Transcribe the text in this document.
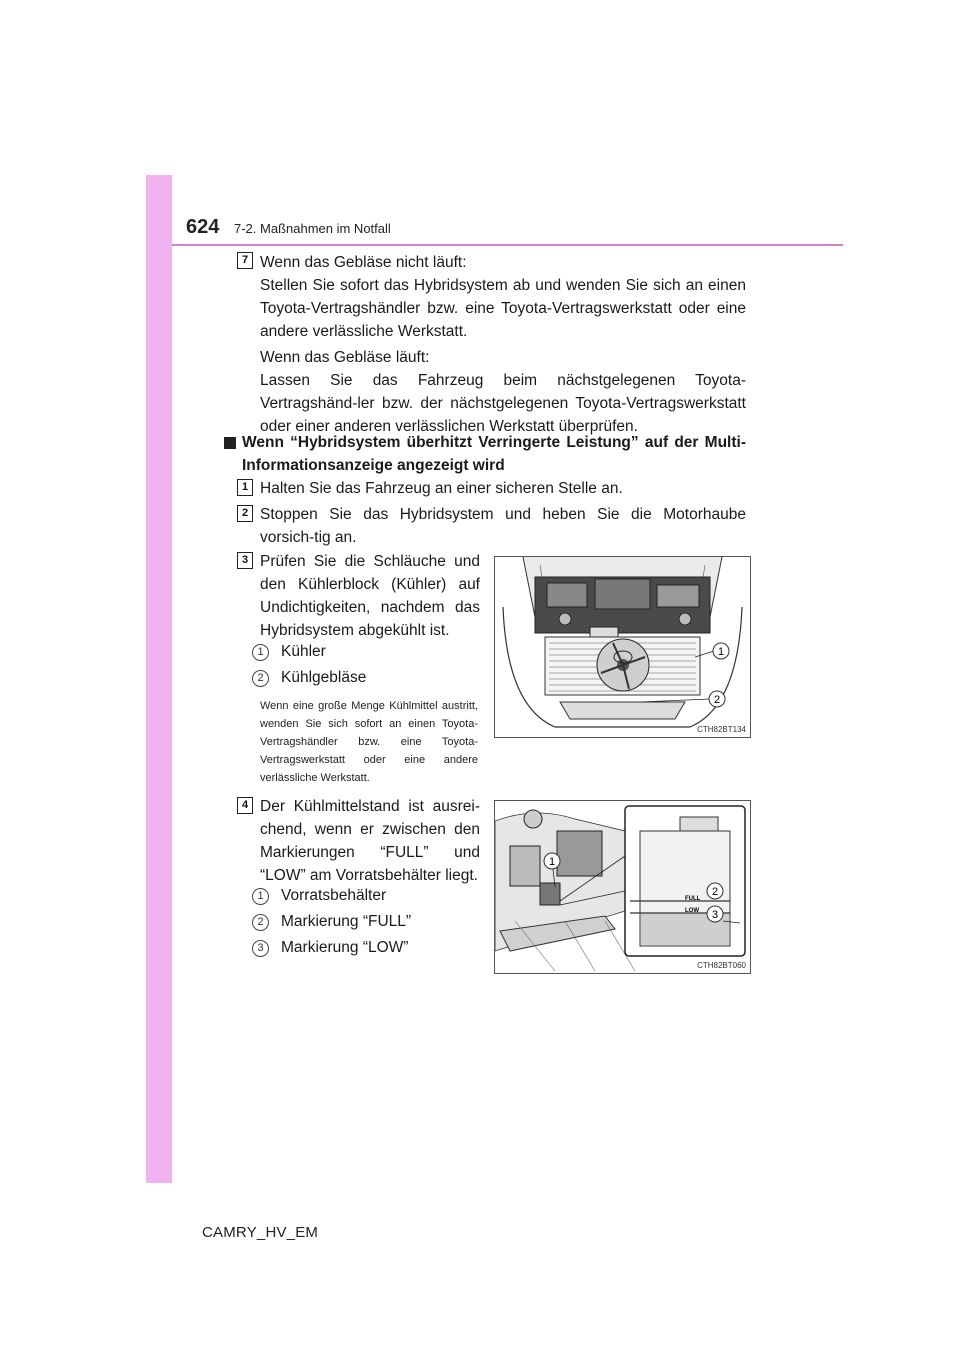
624 7-2. Maßnahmen im Notfall
7 Wenn das Gebläse nicht läuft:
Stellen Sie sofort das Hybridsystem ab und wenden Sie sich an einen Toyota-Vertragshändler bzw. eine Toyota-Vertragswerkstatt oder eine andere verlässliche Werkstatt.
Wenn das Gebläse läuft:
Lassen Sie das Fahrzeug beim nächstgelegenen Toyota-Vertragshänd-ler bzw. der nächstgelegenen Toyota-Vertragswerkstatt oder einer anderen verlässlichen Werkstatt überprüfen.
Wenn “Hybridsystem überhitzt Verringerte Leistung” auf der Multi-Informationsanzeige angezeigt wird
1 Halten Sie das Fahrzeug an einer sicheren Stelle an.
2 Stoppen Sie das Hybridsystem und heben Sie die Motorhaube vorsich-tig an.
3 Prüfen Sie die Schläuche und den Kühlerblock (Kühler) auf Undichtigkeiten, nachdem das Hybridsystem abgekühlt ist.
1	Kühler
2	Kühlgebläse
Wenn eine große Menge Kühlmittel austritt, wenden Sie sich sofort an einen Toyota-Vertragshändler bzw. eine Toyota-Vertragswerkstatt oder eine andere verlässliche Werkstatt.
1
2
CTH82BT134
4 Der Kühlmittelstand ist ausrei-chend, wenn er zwischen den Markierungen “FULL” und “LOW” am Vorratsbehälter liegt.
1	Vorratsbehälter
2	Markierung “FULL”
3	Markierung “LOW”
1
FULL
LOW
2
3
CTH82BT060
CAMRY_HV_EM
